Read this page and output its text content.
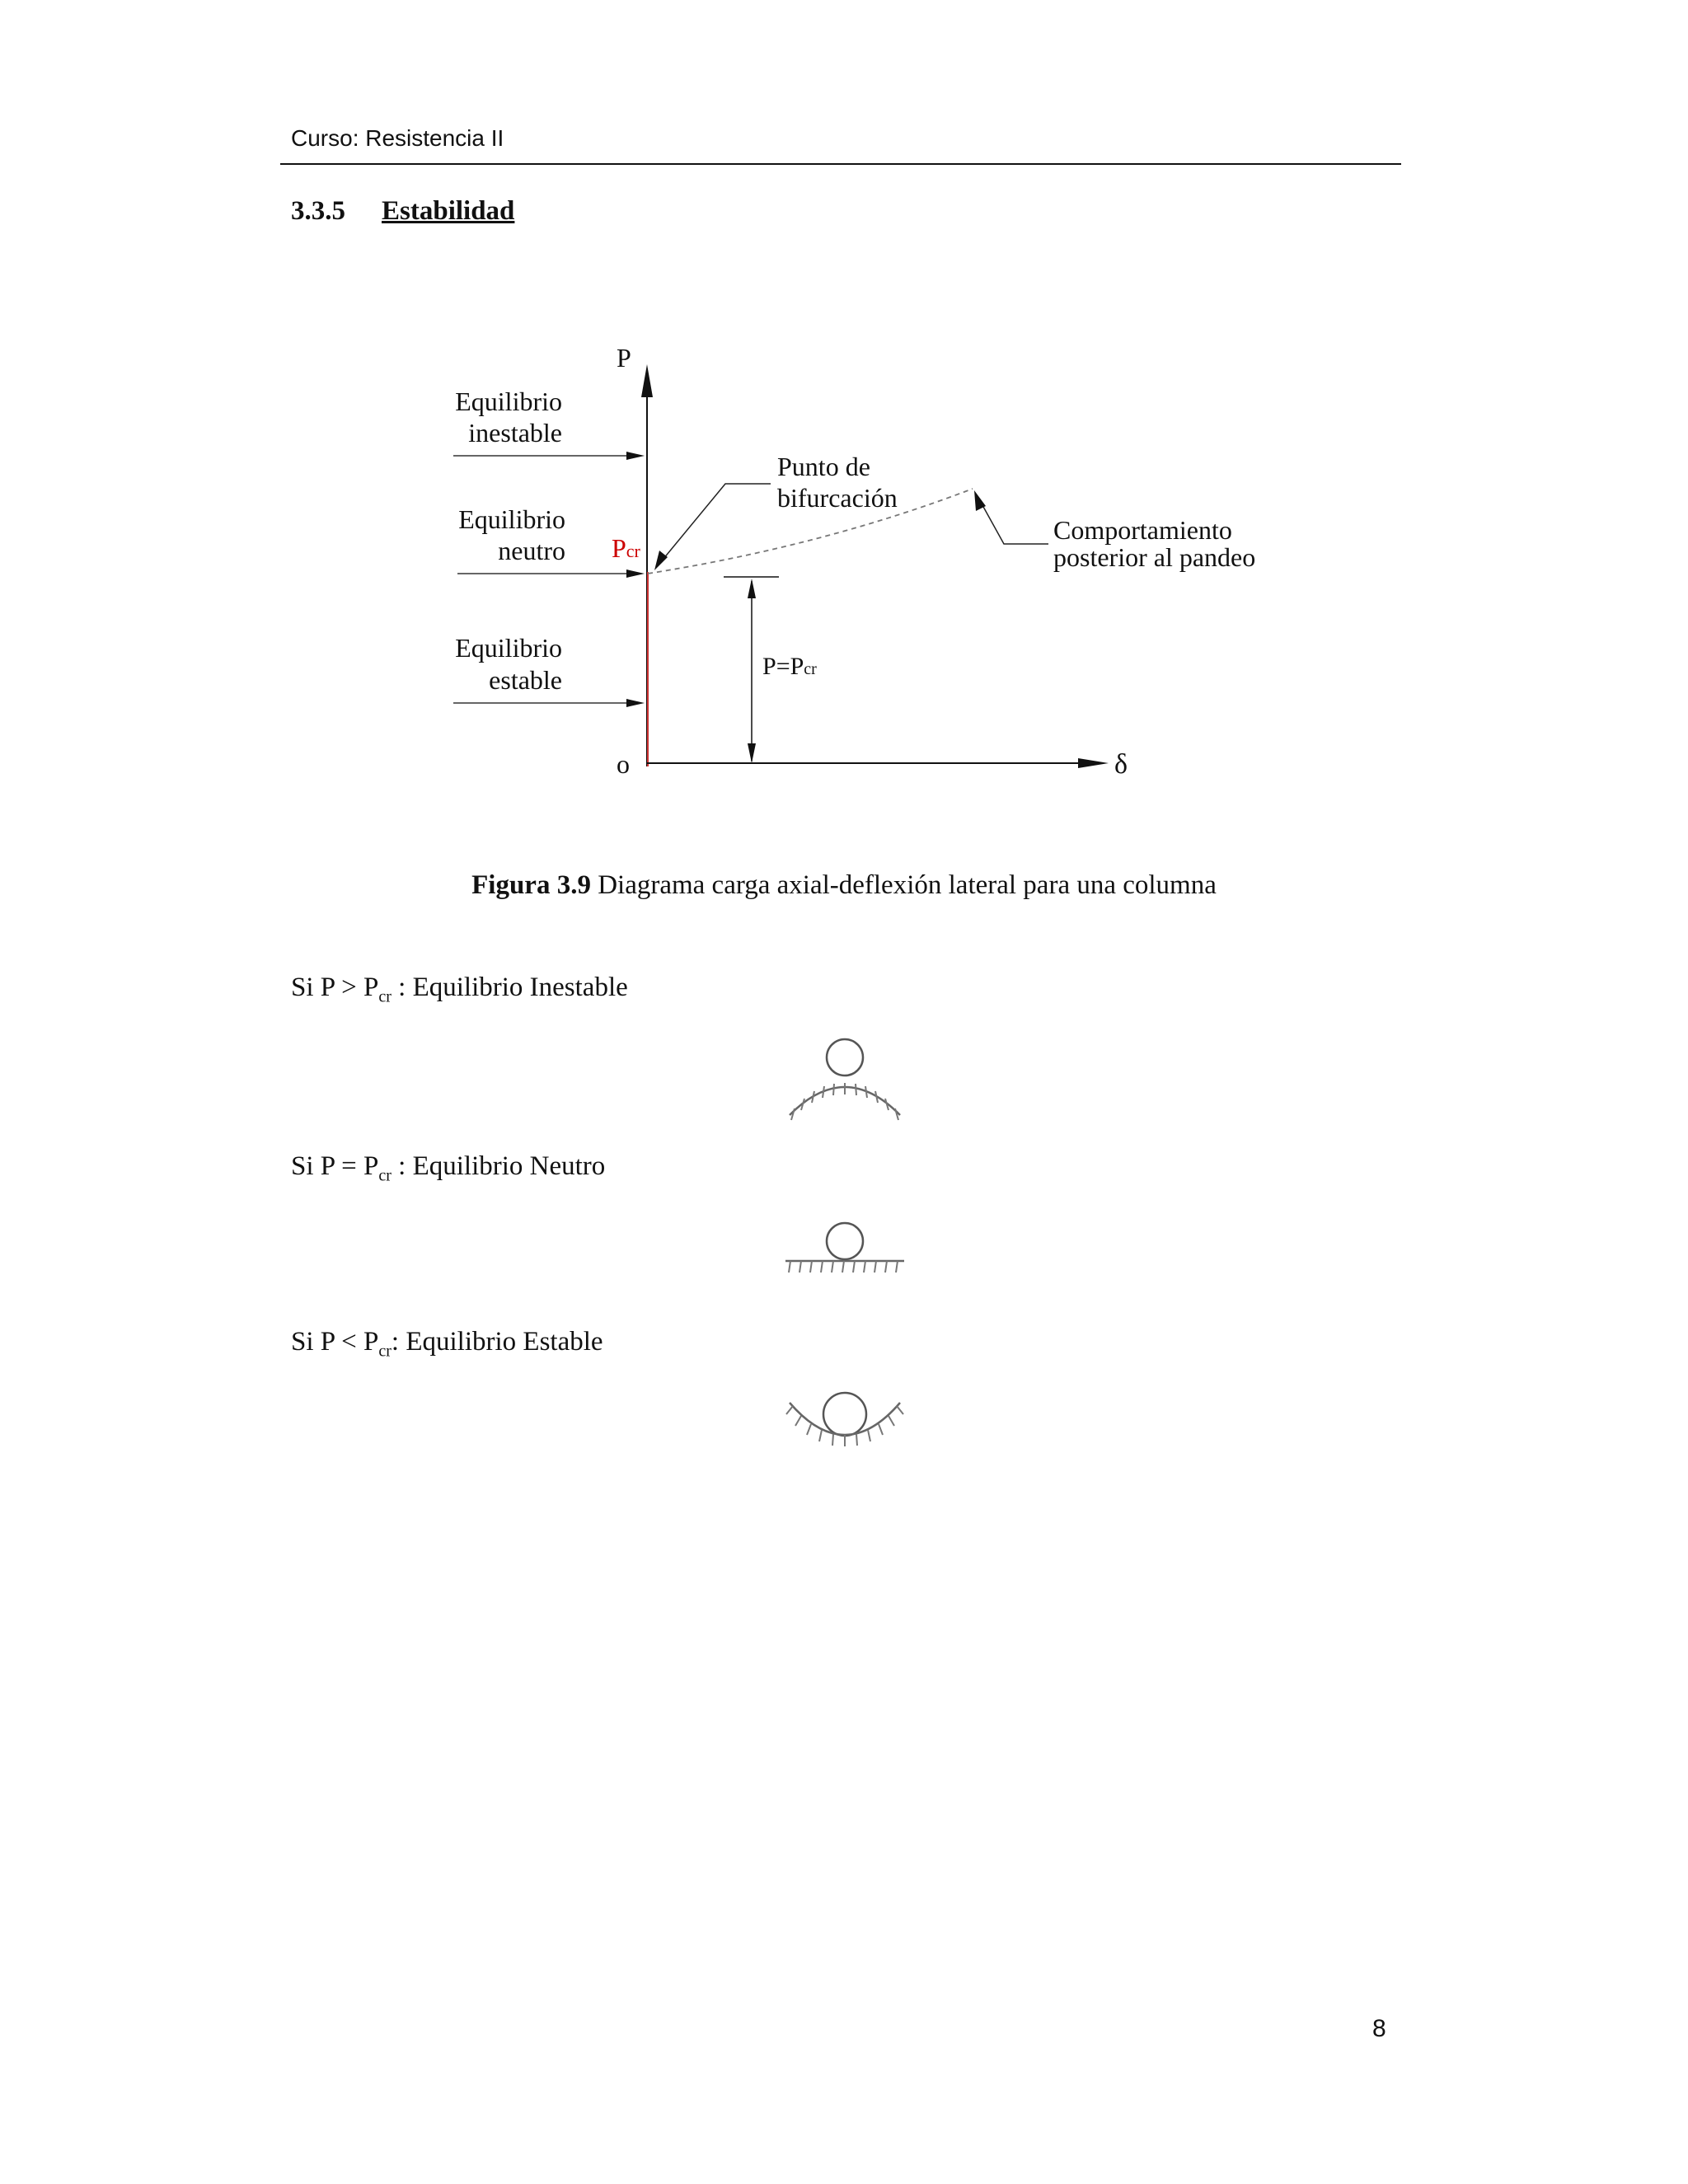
Curso: Resistencia II
3.3.5 Estabilidad
P
δ
o
Equilibrio
inestable
Equilibrio
neutro Pcr
Equilibrio
estable
Punto de
bifurcación
Comportamiento
posterior al pandeo
P=Pcr
Figura 3.9 Diagrama carga axial-deflexión lateral para una columna
Si $P > P_{cr}$ : Equilibrio Inestable
Si $P = P_{cr}$ : Equilibrio Neutro
Si $P < P_{cr}$: Equilibrio Estable
8
